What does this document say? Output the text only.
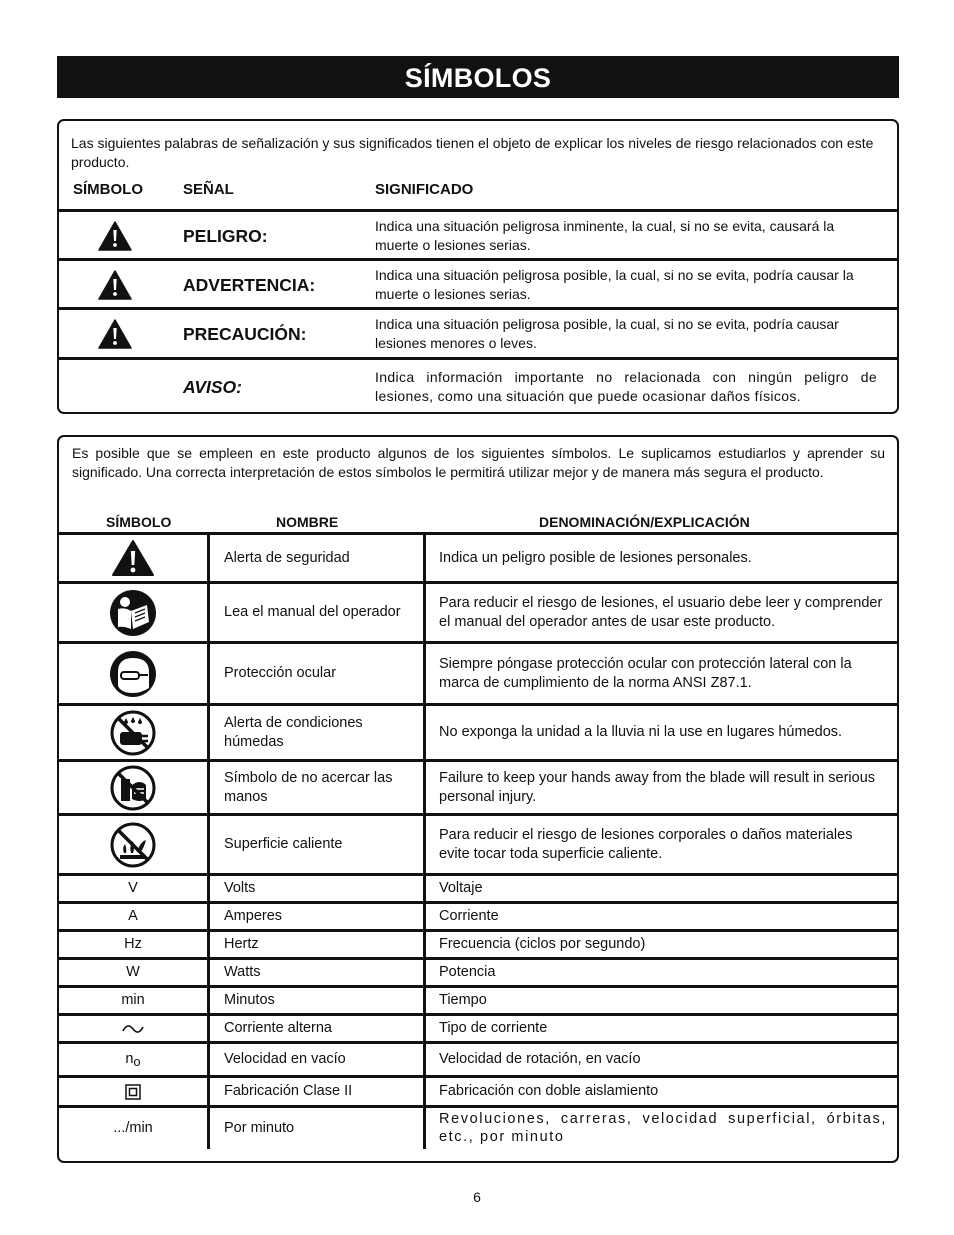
SÍMBOLOS
Las siguientes palabras de señalización y sus significados tienen el objeto de explicar los niveles de riesgo relacionados con este producto.
SÍMBOLO	SEÑAL	SIGNIFICADO
PELIGRO:	Indica una situación peligrosa inminente, la cual, si no se evita, causará la muerte o lesiones serias.
ADVERTENCIA:	Indica una situación peligrosa posible, la cual, si no se evita, podría causar la muerte o lesiones serias.
PRECAUCIÓN:	Indica una situación peligrosa posible, la cual, si no se evita, podría causar lesiones menores o leves.
AVISO:	Indica información importante no relacionada con ningún peligro de lesiones, como una situación que puede ocasionar daños físicos.
Es posible que se empleen en este producto algunos de los siguientes símbolos. Le suplicamos estudiarlos y aprender su significado. Una correcta interpretación de estos símbolos le permitirá utilizar mejor y de manera más segura el producto.
SÍMBOLO	NOMBRE	DENOMINACIÓN/EXPLICACIÓN
	Alerta de seguridad	Indica un peligro posible de lesiones personales.

	Lea el manual del operador	Para reducir el riesgo de lesiones, el usuario debe leer y comprender el manual del operador antes de usar este producto.

	Protección ocular	Siempre póngase protección ocular con protección lateral con la marca de cumplimiento de la norma ANSI Z87.1.

	Alerta de condiciones húmedas	No exponga la unidad a la lluvia ni la use en lugares húmedos.

	Símbolo de no acercar las manos	Failure to keep your hands away from the blade will result in serious personal injury.

	Superficie caliente	Para reducir el riesgo de lesiones corporales o daños materiales evite tocar toda superficie caliente.
V	Volts	Voltaje
A	Amperes	Corriente
Hz	Hertz	Frecuencia (ciclos por segundo)
W	Watts	Potencia
min	Minutos	Tiempo

	Corriente alterna	Tipo de corriente
no	Velocidad en vacío	Velocidad de rotación, en vacío

	Fabricación Clase II	Fabricación con doble aislamiento
.../min	Por minuto	Revoluciones, carreras, velocidad superficial, órbitas, etc., por minuto
6
